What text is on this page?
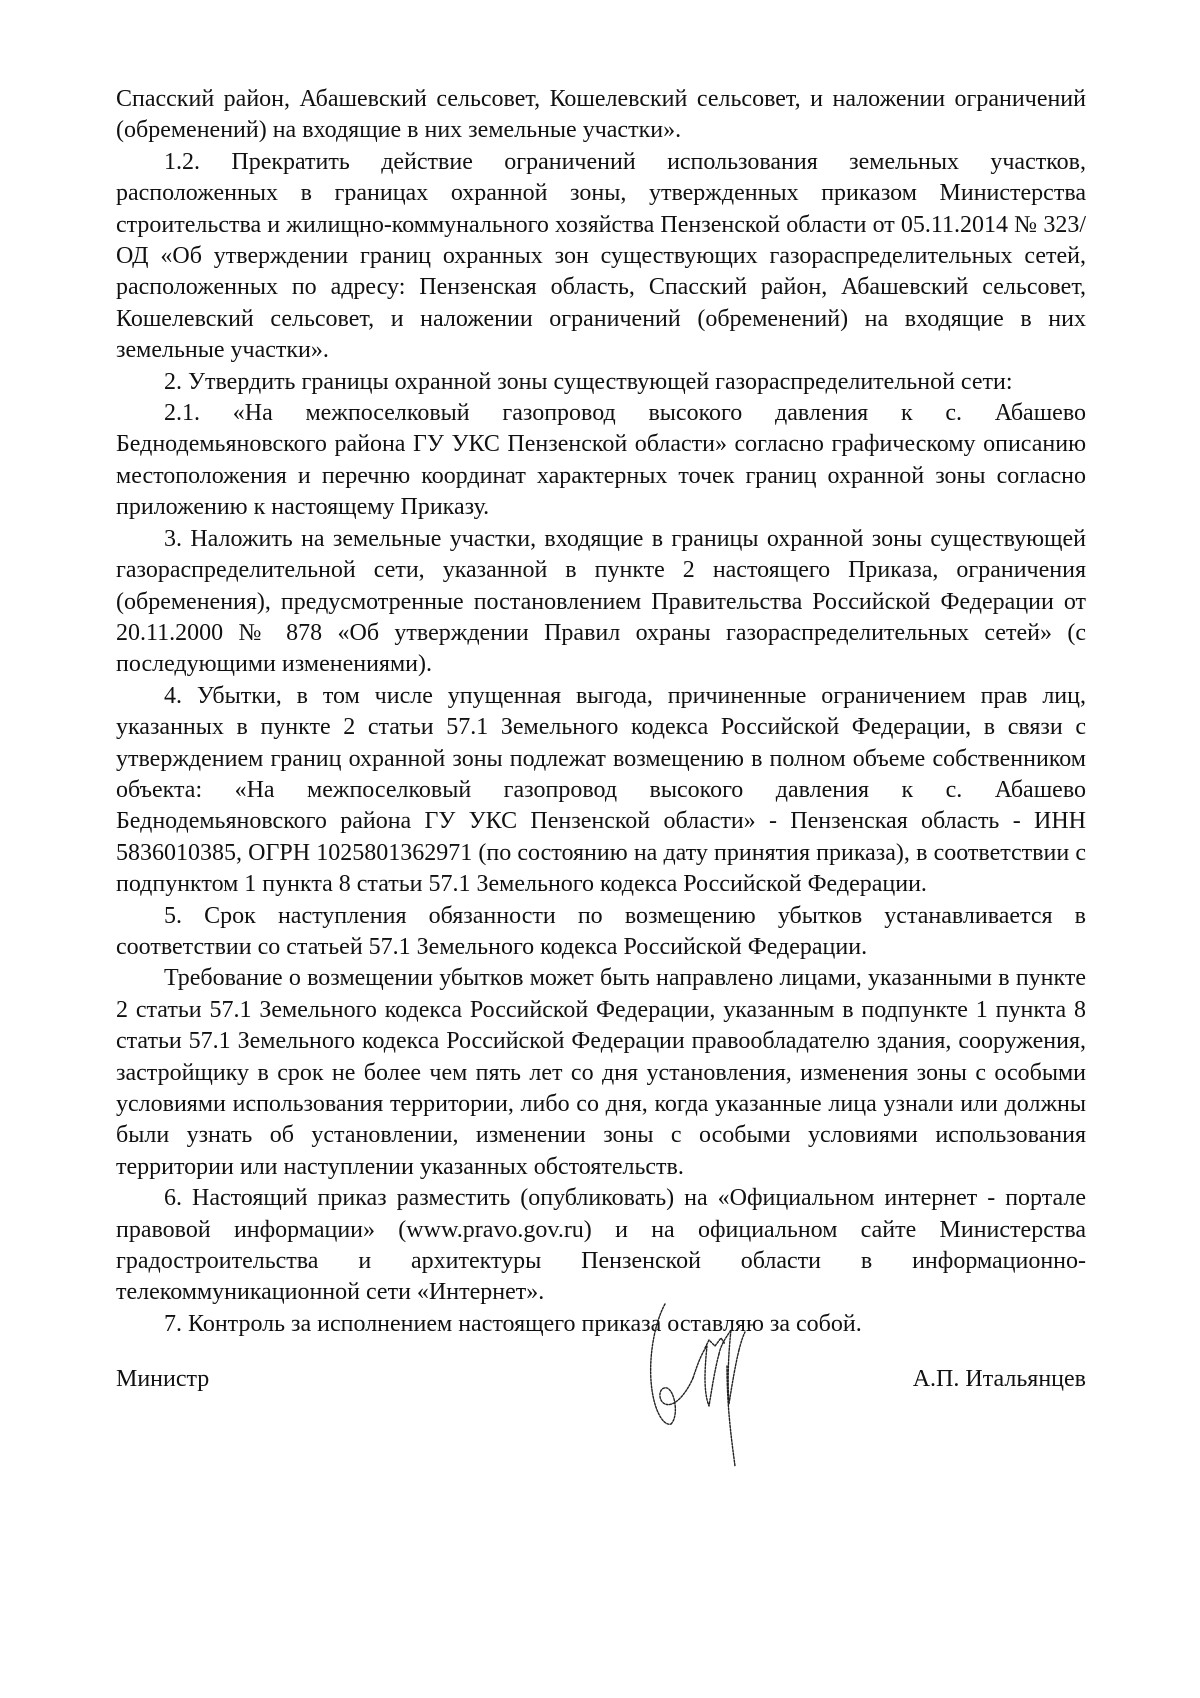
Спасский район, Абашевский сельсовет, Кошелевский сельсовет, и наложении ограничений (обременений) на входящие в них земельные участки».

1.2. Прекратить действие ограничений использования земельных участков, расположенных в границах охранной зоны, утвержденных приказом Министерства строительства и жилищно-коммунального хозяйства Пензенской области от 05.11.2014 № 323/ОД «Об утверждении границ охранных зон существующих газораспределительных сетей, расположенных по адресу: Пензенская область, Спасский район, Абашевский сельсовет, Кошелевский сельсовет, и наложении ограничений (обременений) на входящие в них земельные участки».

2. Утвердить границы охранной зоны существующей газораспределительной сети:

2.1. «На межпоселковый газопровод высокого давления к с. Абашево Беднодемьяновского района ГУ УКС Пензенской области» согласно графическому описанию местоположения и перечню координат характерных точек границ охранной зоны согласно приложению к настоящему Приказу.

3. Наложить на земельные участки, входящие в границы охранной зоны существующей газораспределительной сети, указанной в пункте 2 настоящего Приказа, ограничения (обременения), предусмотренные постановлением Правительства Российской Федерации от 20.11.2000 № 878 «Об утверждении Правил охраны газораспределительных сетей» (с последующими изменениями).

4. Убытки, в том числе упущенная выгода, причиненные ограничением прав лиц, указанных в пункте 2 статьи 57.1 Земельного кодекса Российской Федерации, в связи с утверждением границ охранной зоны подлежат возмещению в полном объеме собственником объекта: «На межпоселковый газопровод высокого давления к с. Абашево Беднодемьяновского района ГУ УКС Пензенской области» - Пензенская область - ИНН 5836010385, ОГРН 1025801362971 (по состоянию на дату принятия приказа), в соответствии с подпунктом 1 пункта 8 статьи 57.1 Земельного кодекса Российской Федерации.

5. Срок наступления обязанности по возмещению убытков устанавливается в соответствии со статьей 57.1 Земельного кодекса Российской Федерации.

Требование о возмещении убытков может быть направлено лицами, указанными в пункте 2 статьи 57.1 Земельного кодекса Российской Федерации, указанным в подпункте 1 пункта 8 статьи 57.1 Земельного кодекса Российской Федерации правообладателю здания, сооружения, застройщику в срок не более чем пять лет со дня установления, изменения зоны с особыми условиями использования территории, либо со дня, когда указанные лица узнали или должны были узнать об установлении, изменении зоны с особыми условиями использования территории или наступлении указанных обстоятельств.

6. Настоящий приказ разместить (опубликовать) на «Официальном интернет - портале правовой информации» (www.pravo.gov.ru) и на официальном сайте Министерства градостроительства и архитектуры Пензенской области в информационно-телекоммуникационной сети «Интернет».

7. Контроль за исполнением настоящего приказа оставляю за собой.

Министр	А.П. Итальянцев
